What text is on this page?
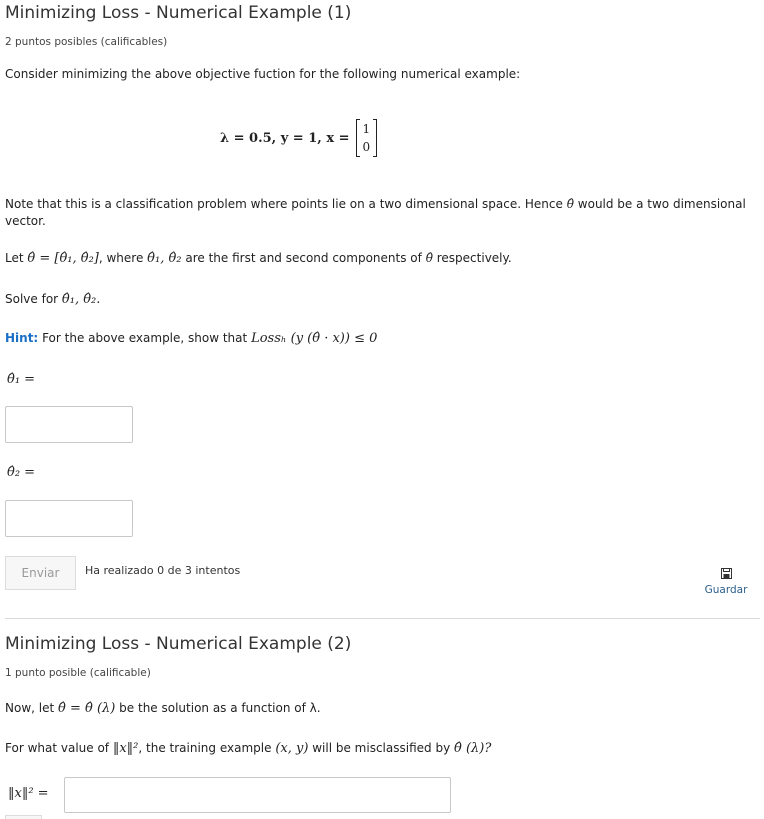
Minimizing Loss - Numerical Example (1)
2 puntos posibles (calificables)
Consider minimizing the above objective fuction for the following numerical example:
λ = 0.5, y = 1, x =
1
0
Note that this is a classification problem where points lie on a two dimensional space. Hence θ̂ would be a two dimensional
vector.
Let θ̂ = [θ̂₁, θ̂₂], where θ̂₁, θ̂₂ are the first and second components of θ̂ respectively.
Solve for θ̂₁, θ̂₂.
Hint: For the above example, show that Lossₕ (y (θ̂ · x)) ≤ 0
θ̂₁ =
θ̂₂ =
Enviar	Ha realizado 0 de 3 intentos
Guardar
Minimizing Loss - Numerical Example (2)
1 punto posible (calificable)
Now, let θ̂ = θ̂ (λ) be the solution as a function of λ.
For what value of ‖x‖², the training example (x, y) will be misclassified by θ̂ (λ)?
‖x‖² =
